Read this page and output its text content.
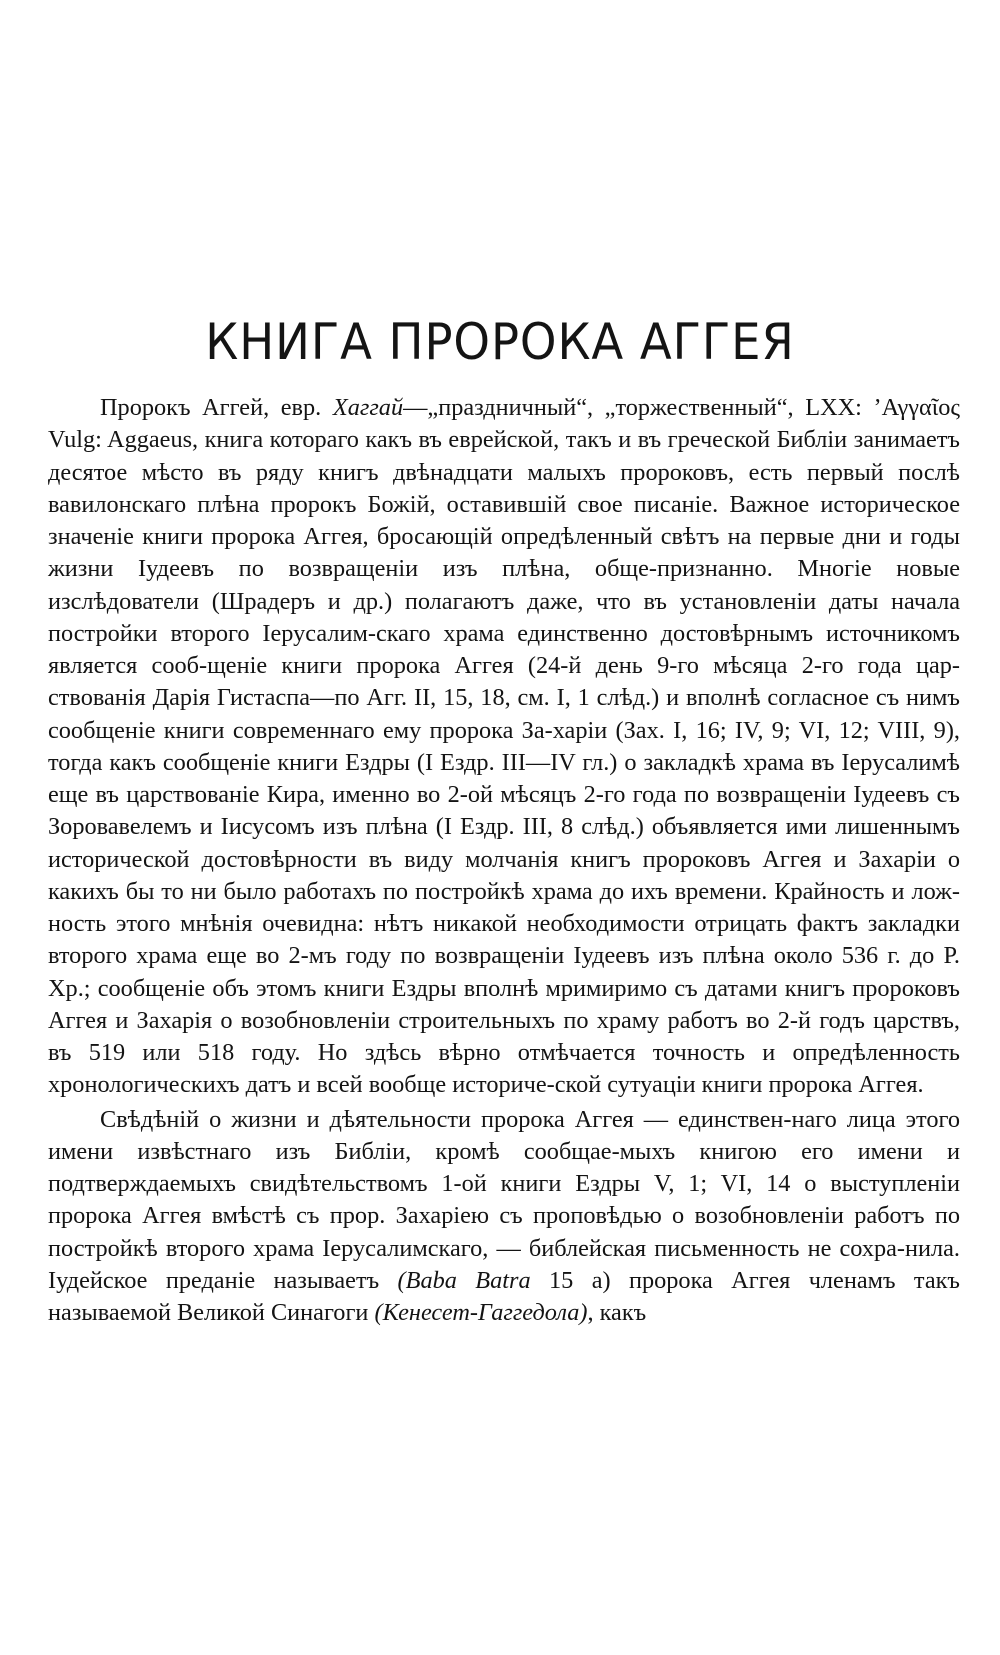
КНИГА ПРОРОКА АГГЕЯ

Пророкъ Аггей, евр. Хаггай—„праздничный“, „торжественный“, LXX: ’Αγγαῖος Vulg: Aggaeus, книга котораго какъ въ еврейской, такъ и въ греческой Библіи занимаетъ десятое мѣсто въ ряду книгъ двѣнадцати малыхъ пророковъ, есть первый послѣ вавилонскаго плѣна пророкъ Божій, оставившій свое писаніе. Важное историческое значеніе книги пророка Аггея, бросающій опредѣленный свѣтъ на первые дни и годы жизни Іудеевъ по возвращеніи изъ плѣна, обще-признанно. Многіе новые изслѣдователи (Шрадеръ и др.) полагаютъ даже, что въ установленіи даты начала постройки второго Іерусалим-скаго храма единственно достовѣрнымъ источникомъ является сооб-щеніе книги пророка Аггея (24-й день 9-го мѣсяца 2-го года цар-ствованія Дарія Гистаспа—по Агг. II, 15, 18, см. I, 1 слѣд.) и вполнѣ согласное съ нимъ сообщеніе книги современнаго ему пророка За-харіи (Зах. I, 16; IV, 9; VI, 12; VIII, 9), тогда какъ сообщеніе книги Ездры (I Ездр. III—IV гл.) о закладкѣ храма въ Іерусалимѣ еще въ царствованіе Кира, именно во 2-ой мѣсяцъ 2-го года по возвращеніи Іудеевъ съ Зоровавелемъ и Іисусомъ изъ плѣна (I Ездр. III, 8 слѣд.) объявляется ими лишеннымъ исторической достовѣрности въ виду молчанія книгъ пророковъ Аггея и Захаріи о какихъ бы то ни было работахъ по постройкѣ храма до ихъ времени. Крайность и лож-ность этого мнѣнія очевидна: нѣтъ никакой необходимости отрицать фактъ закладки второго храма еще во 2-мъ году по возвращеніи Іудеевъ изъ плѣна около 536 г. до Р. Хр.; сообщеніе объ этомъ книги Ездры вполнѣ мримиримо съ датами книгъ пророковъ Аггея и Захарія о возобновленіи строительныхъ по храму работъ во 2-й годъ царствъ, въ 519 или 518 году. Но здѣсь вѣрно отмѣчается точность и опредѣленность хронологическихъ датъ и всей вообще историче-ской сутуаціи книги пророка Аггея.

Свѣдѣній о жизни и дѣятельности пророка Аггея — единствен-наго лица этого имени извѣстнаго изъ Библіи, кромѣ сообщае-мыхъ книгою его имени и подтверждаемыхъ свидѣтельствомъ 1-ой книги Ездры V, 1; VI, 14 о выступленіи пророка Аггея вмѣстѣ съ прор. Захаріею съ проповѣдью о возобновленіи работъ по постройкѣ второго храма Іерусалимскаго, — библейская письменность не сохра-нила. Іудейское преданіе называетъ (Baba Batra 15 a) пророка Аггея членамъ такъ называемой Великой Синагоги (Кенесет-Гаггедола), какъ
